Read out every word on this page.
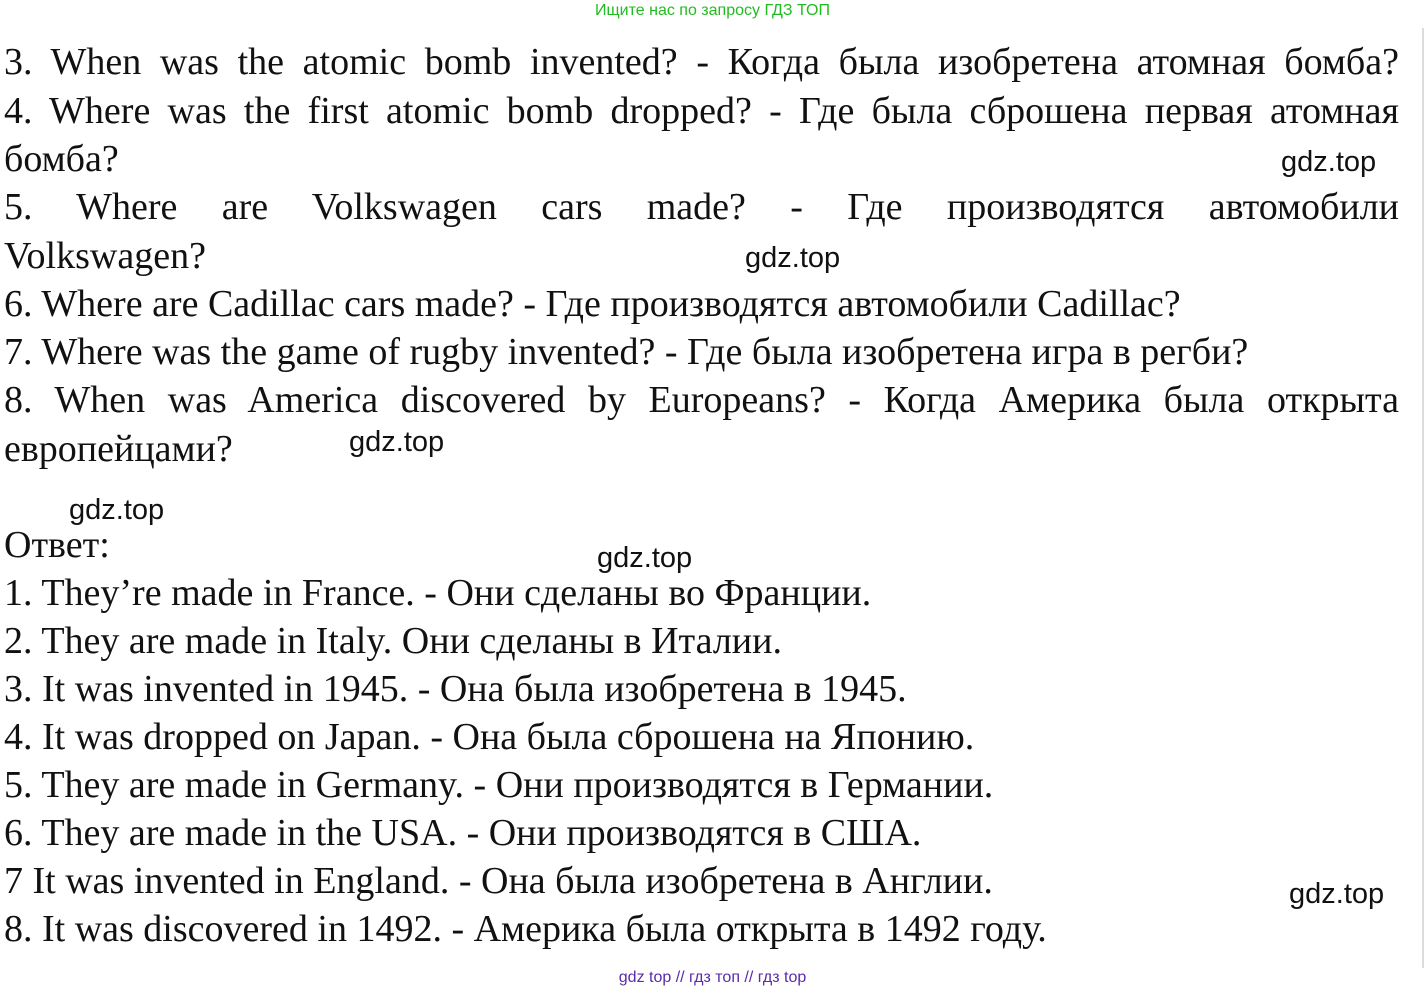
Ищите нас по запросу ГДЗ ТОП
3. When was the atomic bomb invented? - Когда была изобретена атомная бомба?
4. Where was the first atomic bomb dropped? - Где была сброшена первая атомная
бомба?
5. Where are Volkswagen cars made? - Где производятся автомобили
Volkswagen?
6. Where are Cadillac cars made? - Где производятся автомобили Cadillac?
7. Where was the game of rugby invented? - Где была изобретена игра в регби?
8. When was America discovered by Europeans? - Когда Америка была открыта
европейцами?
Ответ:
1. They’re made in France. - Они сделаны во Франции.
2. They are made in Italy. Они сделаны в Италии.
3. It was invented in 1945. - Она была изобретена в 1945.
4. It was dropped on Japan. - Она была сброшена на Японию.
5. They are made in Germany. - Они производятся в Германии.
6. They are made in the USA. - Они производятся в США.
7 It was invented in England. - Она была изобретена в Англии.
8. It was discovered in 1492. - Америка была открыта в 1492 году.
gdz.top
gdz.top
gdz.top
gdz.top
gdz.top
gdz.top
gdz top // гдз топ // гдз top
